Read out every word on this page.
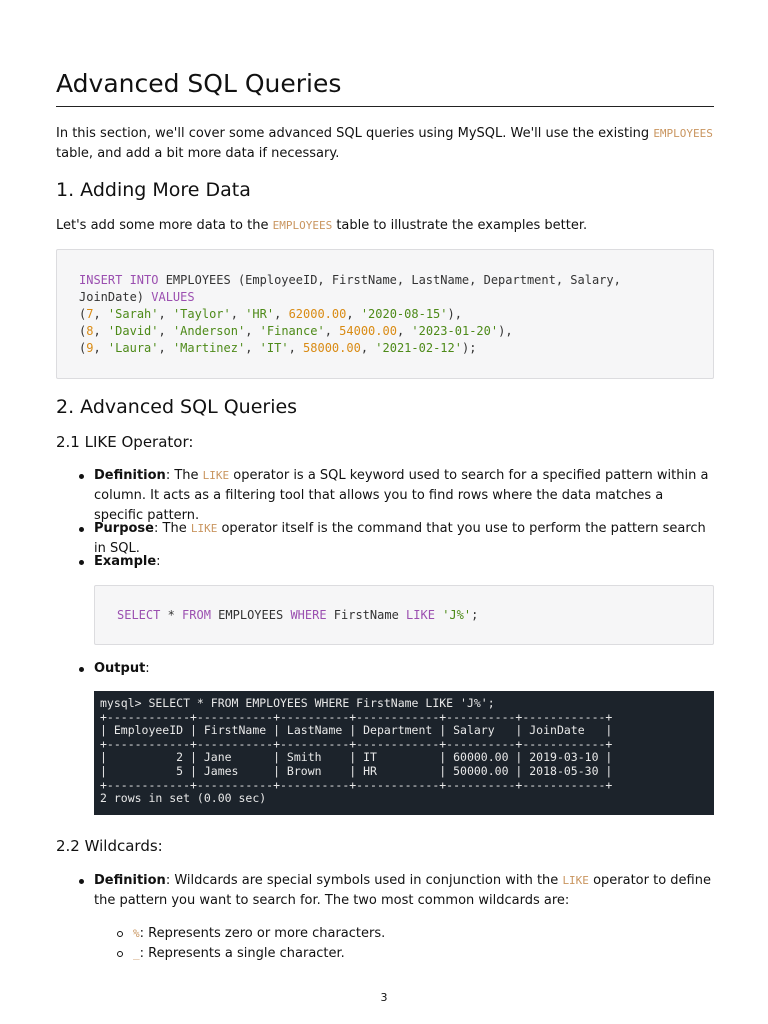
Advanced SQL Queries
In this section, we'll cover some advanced SQL queries using MySQL. We'll use the existing EMPLOYEES table, and add a bit more data if necessary.
1. Adding More Data
Let's add some more data to the EMPLOYEES table to illustrate the examples better.
INSERT INTO EMPLOYEES (EmployeeID, FirstName, LastName, Department, Salary,
JoinDate) VALUES
(7, 'Sarah', 'Taylor', 'HR', 62000.00, '2020-08-15'),
(8, 'David', 'Anderson', 'Finance', 54000.00, '2023-01-20'),
(9, 'Laura', 'Martinez', 'IT', 58000.00, '2021-02-12');
2. Advanced SQL Queries
2.1 LIKE Operator:
Definition: The LIKE operator is a SQL keyword used to search for a specified pattern within a column. It acts as a filtering tool that allows you to find rows where the data matches a specific pattern.
Purpose: The LIKE operator itself is the command that you use to perform the pattern search in SQL.
Example:
SELECT * FROM EMPLOYEES WHERE FirstName LIKE 'J%';
Output:
mysql> SELECT * FROM EMPLOYEES WHERE FirstName LIKE 'J%';
+------------+-----------+----------+------------+----------+------------+
| EmployeeID | FirstName | LastName | Department | Salary   | JoinDate   |
+------------+-----------+----------+------------+----------+------------+
|          2 | Jane      | Smith    | IT         | 60000.00 | 2019-03-10 |
|          5 | James     | Brown    | HR         | 50000.00 | 2018-05-30 |
+------------+-----------+----------+------------+----------+------------+
2 rows in set (0.00 sec)
2.2 Wildcards:
Definition: Wildcards are special symbols used in conjunction with the LIKE operator to define the pattern you want to search for. The two most common wildcards are:
%: Represents zero or more characters.
_: Represents a single character.
3
